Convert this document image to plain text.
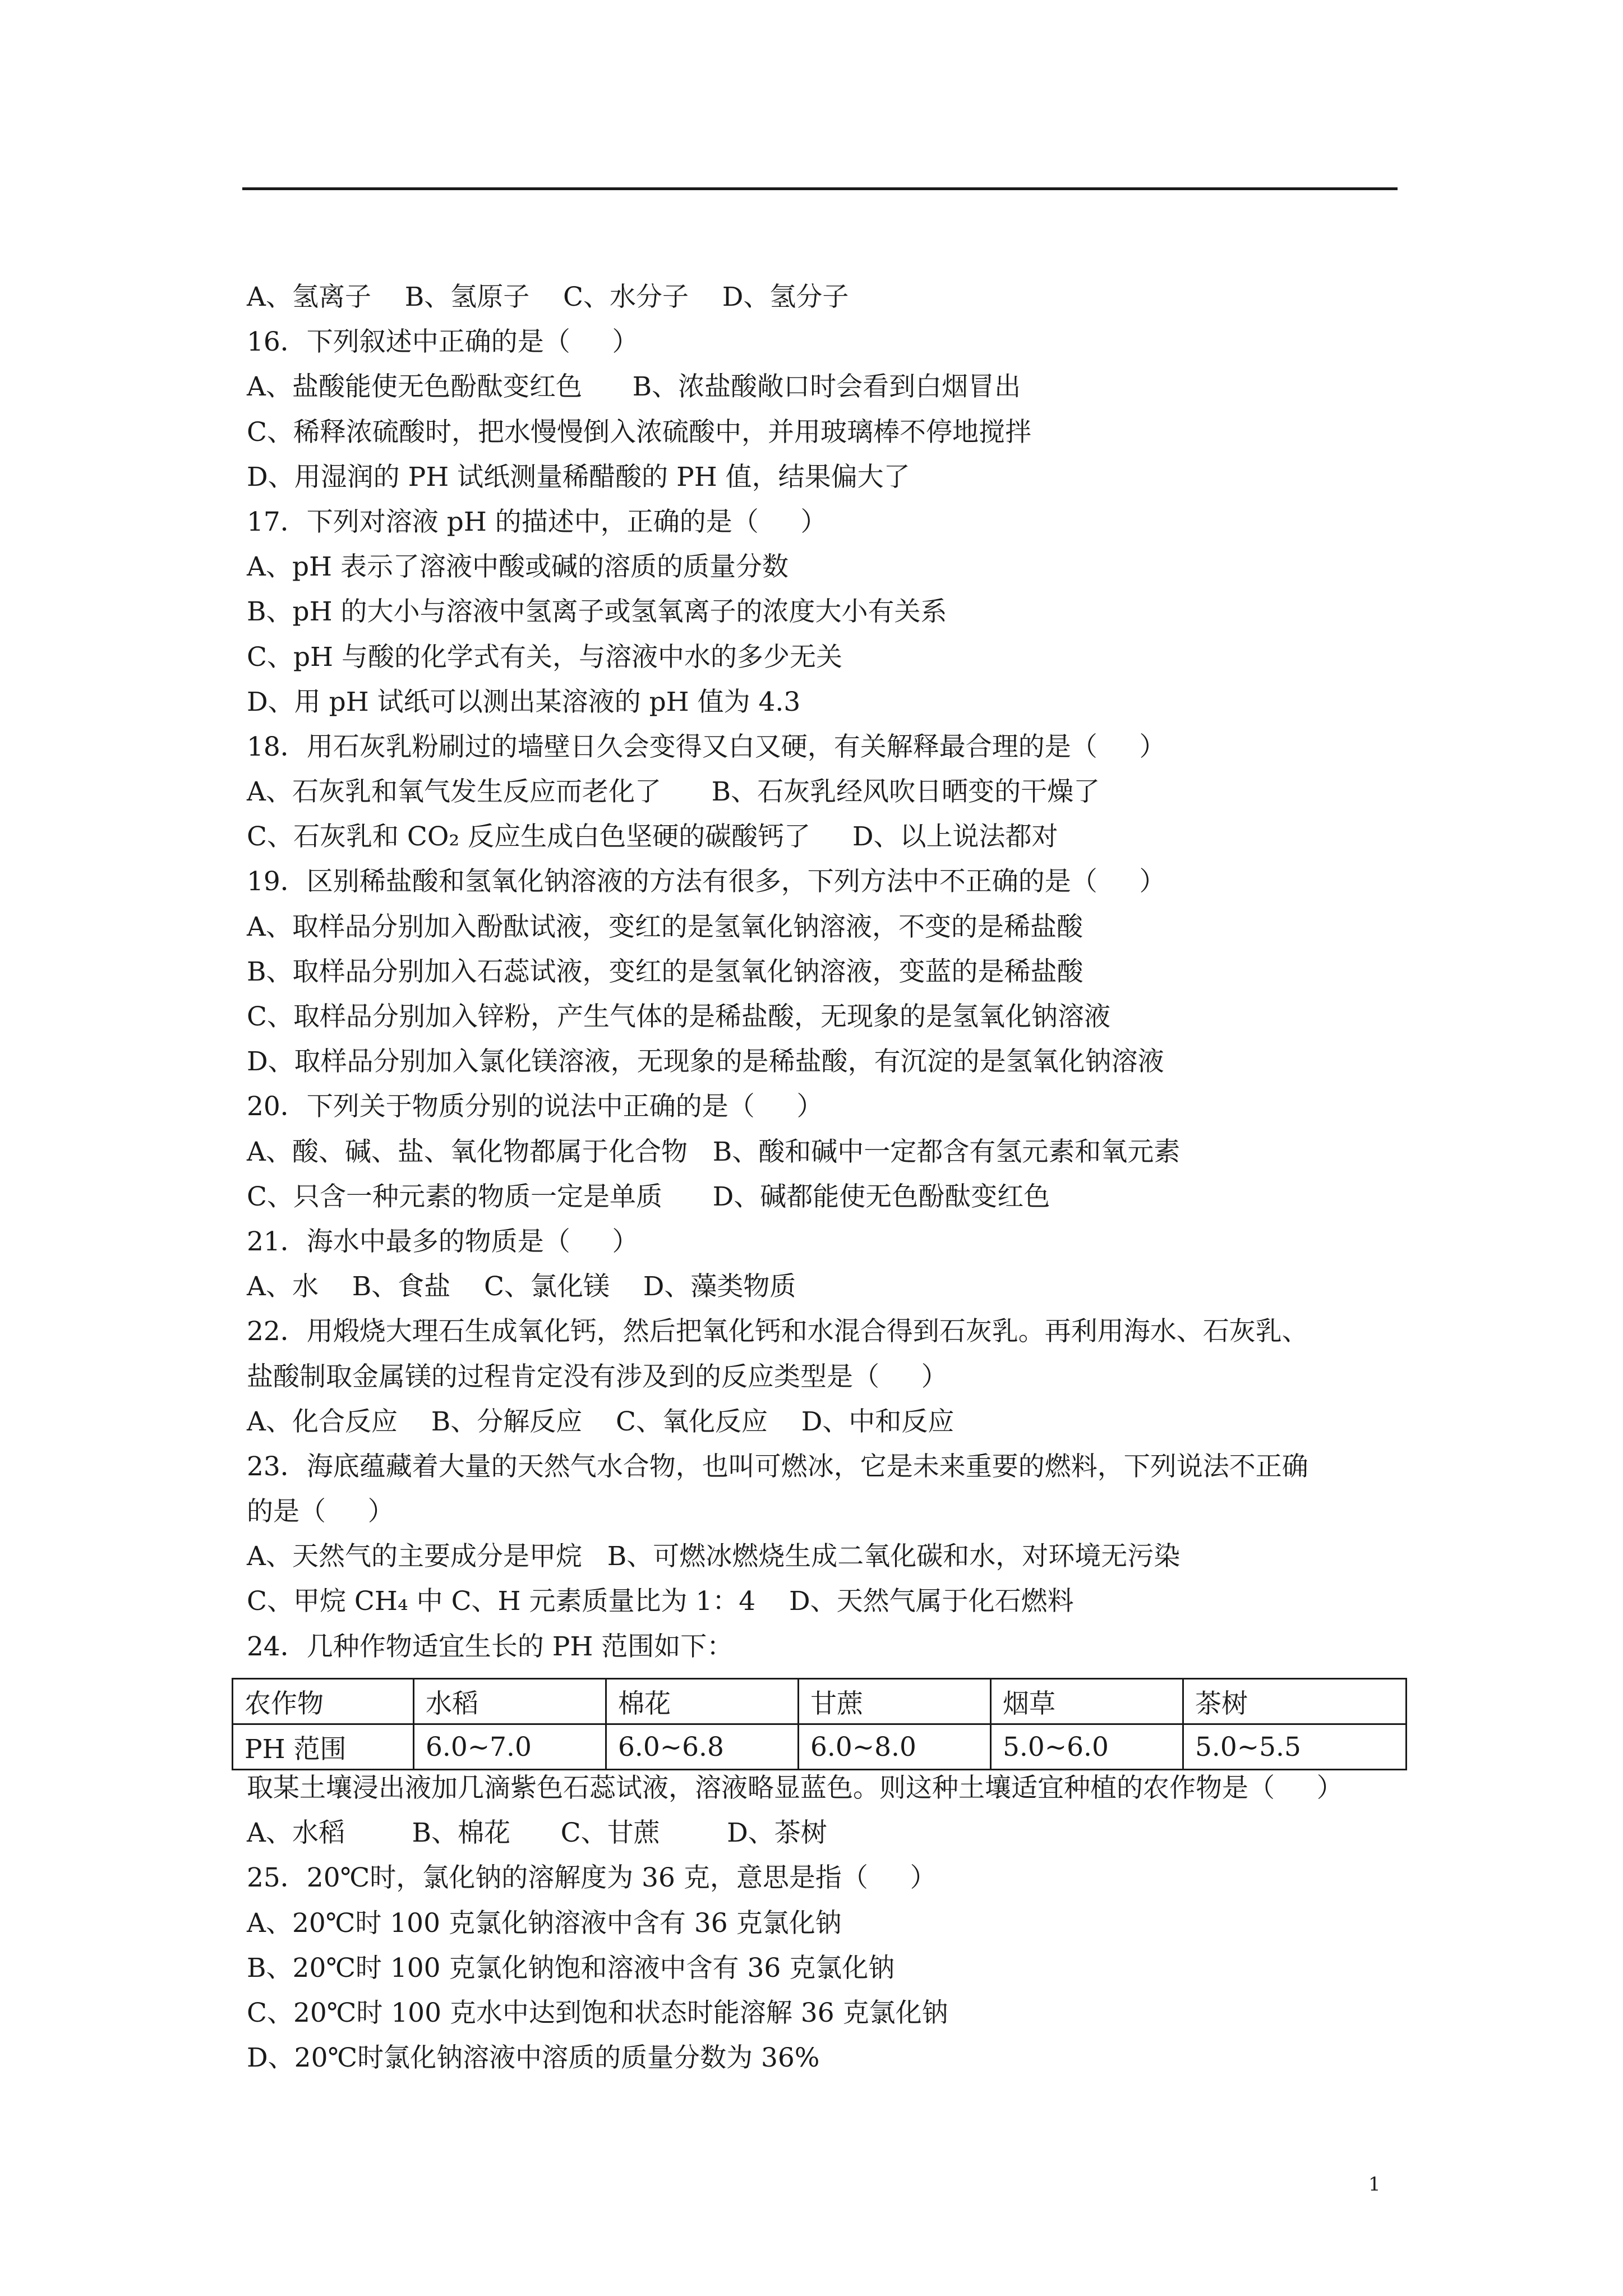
A、氢离子    B、氢原子    C、水分子    D、氢分子
16．下列叙述中正确的是（     ）
A、盐酸能使无色酚酞变红色      B、浓盐酸敞口时会看到白烟冒出
C、稀释浓硫酸时，把水慢慢倒入浓硫酸中，并用玻璃棒不停地搅拌
D、用湿润的 PH 试纸测量稀醋酸的 PH 值，结果偏大了
17．下列对溶液 pH 的描述中，正确的是（     ）
A、pH 表示了溶液中酸或碱的溶质的质量分数
B、pH 的大小与溶液中氢离子或氢氧离子的浓度大小有关系
C、pH 与酸的化学式有关，与溶液中水的多少无关
D、用 pH 试纸可以测出某溶液的 pH 值为 4.3
18．用石灰乳粉刷过的墙壁日久会变得又白又硬，有关解释最合理的是（     ）
A、石灰乳和氧气发生反应而老化了      B、石灰乳经风吹日晒变的干燥了
C、石灰乳和 CO₂ 反应生成白色坚硬的碳酸钙了     D、以上说法都对
19．区别稀盐酸和氢氧化钠溶液的方法有很多，下列方法中不正确的是（     ）
A、取样品分别加入酚酞试液，变红的是氢氧化钠溶液，不变的是稀盐酸
B、取样品分别加入石蕊试液，变红的是氢氧化钠溶液，变蓝的是稀盐酸
C、取样品分别加入锌粉，产生气体的是稀盐酸，无现象的是氢氧化钠溶液
D、取样品分别加入氯化镁溶液，无现象的是稀盐酸，有沉淀的是氢氧化钠溶液
20．下列关于物质分别的说法中正确的是（     ）
A、酸、碱、盐、氧化物都属于化合物   B、酸和碱中一定都含有氢元素和氧元素
C、只含一种元素的物质一定是单质      D、碱都能使无色酚酞变红色
21．海水中最多的物质是（     ）
A、水    B、食盐    C、氯化镁    D、藻类物质
22．用煅烧大理石生成氧化钙，然后把氧化钙和水混合得到石灰乳。再利用海水、石灰乳、
盐酸制取金属镁的过程肯定没有涉及到的反应类型是（     ）
A、化合反应    B、分解反应    C、氧化反应    D、中和反应
23．海底蕴藏着大量的天然气水合物，也叫可燃冰，它是未来重要的燃料，下列说法不正确
的是（     ）
A、天然气的主要成分是甲烷   B、可燃冰燃烧生成二氧化碳和水，对环境无污染
C、甲烷 CH₄ 中 C、H 元素质量比为 1：4    D、天然气属于化石燃料
24．几种作物适宜生长的 PH 范围如下：
农作物	水稻	棉花	甘蔗	烟草	茶树
PH 范围	6.0~7.0	6.0~6.8	6.0~8.0	5.0~6.0	5.0~5.5
取某土壤浸出液加几滴紫色石蕊试液，溶液略显蓝色。则这种土壤适宜种植的农作物是（     ）
A、水稻        B、棉花      C、甘蔗        D、茶树
25．20℃时，氯化钠的溶解度为 36 克，意思是指（     ）
A、20℃时 100 克氯化钠溶液中含有 36 克氯化钠
B、20℃时 100 克氯化钠饱和溶液中含有 36 克氯化钠
C、20℃时 100 克水中达到饱和状态时能溶解 36 克氯化钠
D、20℃时氯化钠溶液中溶质的质量分数为 36%
1
